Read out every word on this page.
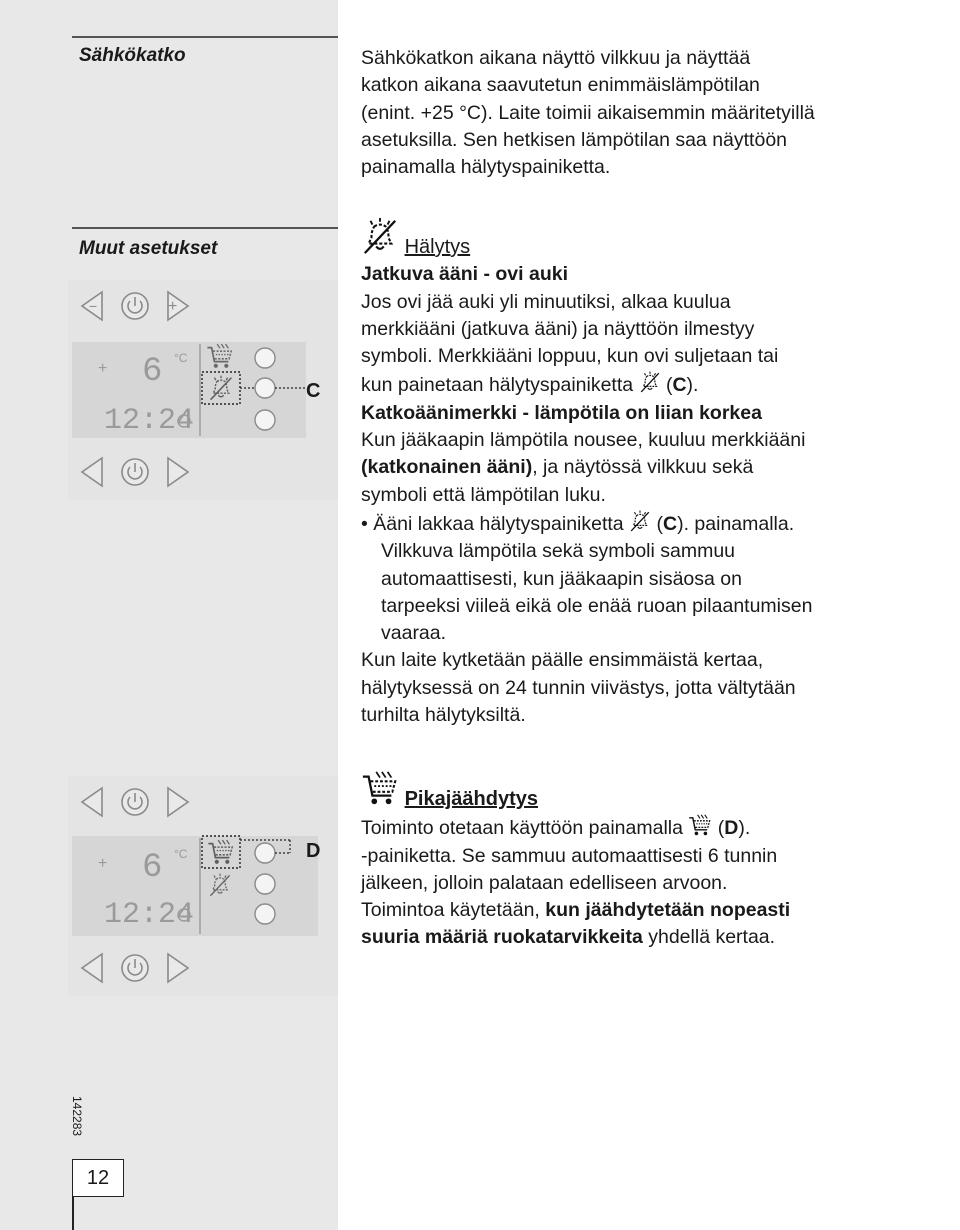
Sähkökatko	Sähkökatkon aikana näyttö vilkkuu ja näyttää

katkon aikana saavutetun enimmäislämpötilan

(enint. +25 °C). Laite toimii aikaisemmin määritetyillä

asetuksilla. Sen hetkisen lämpötilan saa näyttöön

painamalla hälytyspainiketta.

Muut asetukset
−	+
+ 6 °C
12:24
C

Hälytys

Jatkuva ääni - ovi auki

Jos ovi jää auki yli minuutiksi, alkaa kuulua

merkkiääni (jatkuva ääni) ja näyttöön ilmestyy

symboli. Merkkiääni loppuu, kun ovi suljetaan tai

kun painetaan hälytyspainiketta (C).

Katkoäänimerkki - lämpötila on liian korkea

Kun jääkaapin lämpötila nousee, kuuluu merkkiääni

(katkonainen ääni), ja näytössä vilkkuu sekä

symboli että lämpötilan luku.

• Ääni lakkaa hälytyspainiketta (C). painamalla.

Vilkkuva lämpötila sekä symboli sammuu

automaattisesti, kun jääkaapin sisäosa on

tarpeeksi viileä eikä ole enää ruoan pilaantumisen

vaaraa.

Kun laite kytketään päälle ensimmäistä kertaa,

hälytyksessä on 24 tunnin viivästys, jotta vältytään

turhilta hälytyksiltä.

+ 6 °C
12:24
D

Pikajäähdytys

Toiminto otetaan käyttöön painamalla (D).

-painiketta. Se sammuu automaattisesti 6 tunnin

jälkeen, jolloin palataan edelliseen arvoon.

Toimintoa käytetään, kun jäähdytetään nopeasti

suuria määriä ruokatarvikkeita yhdellä kertaa.

142283
12
